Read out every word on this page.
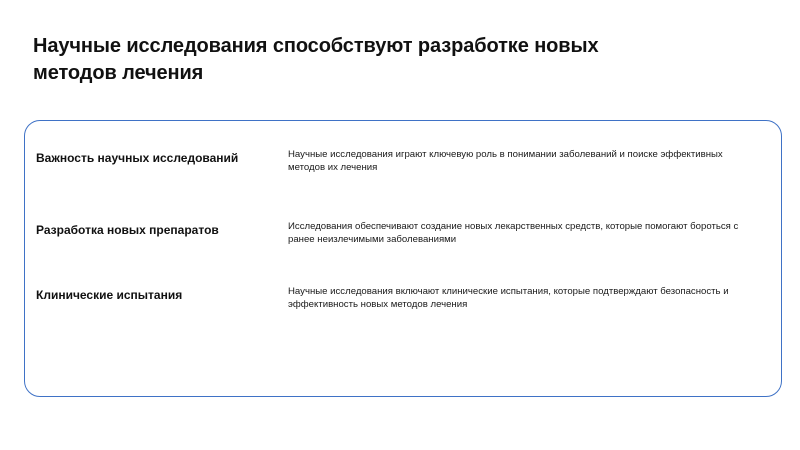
Научные исследования способствуют разработке новых методов лечения
Важность научных исследований	Научные исследования играют ключевую роль в понимании заболеваний и поиске эффективных методов их лечения
Разработка новых препаратов	Исследования обеспечивают создание новых лекарственных средств, которые помогают бороться с ранее неизлечимыми заболеваниями
Клинические испытания	Научные исследования включают клинические испытания, которые подтверждают безопасность и эффективность новых методов лечения
